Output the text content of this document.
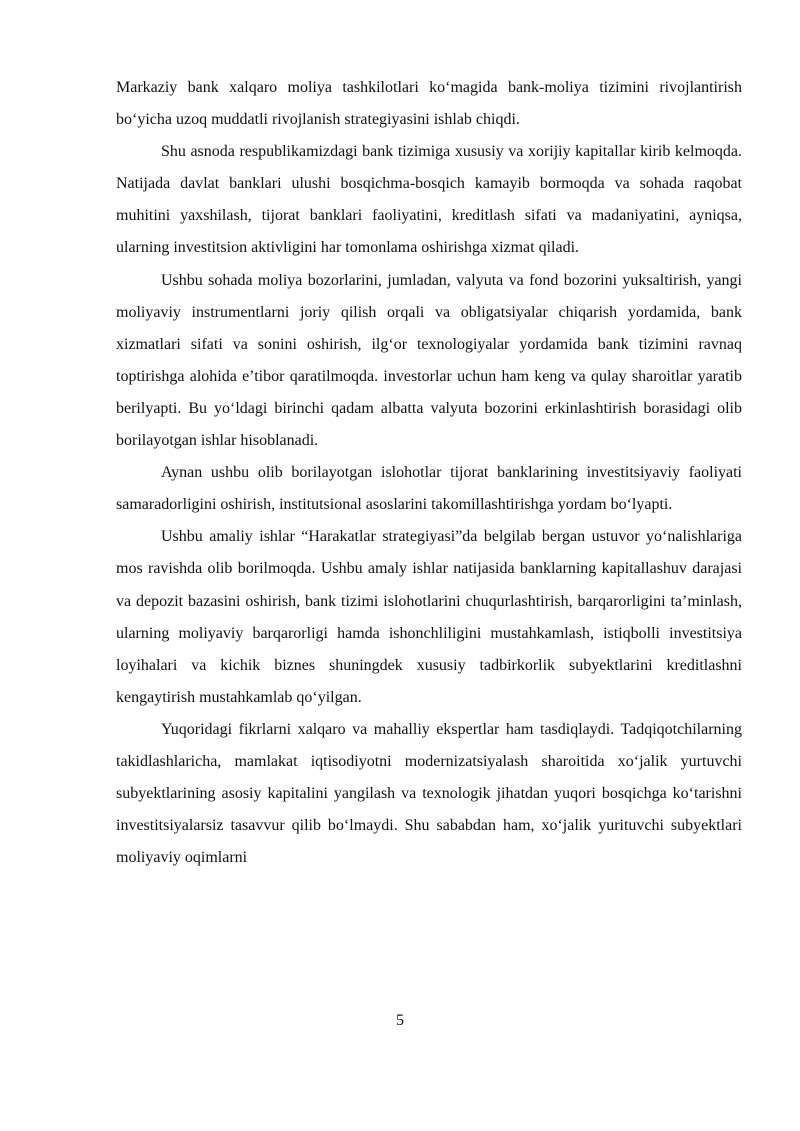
Markaziy bank xalqaro moliya tashkilotlari koʻmagida bank-moliya tizimini rivojlantirish boʻyicha uzoq muddatli rivojlanish strategiyasini ishlab chiqdi.

Shu asnoda respublikamizdagi bank tizimiga xususiy va xorijiy kapitallar kirib kelmoqda. Natijada davlat banklari ulushi bosqichma-bosqich kamayib bormoqda va sohada raqobat muhitini yaxshilash, tijorat banklari faoliyatini, kreditlash sifati va madaniyatini, ayniqsa, ularning investitsion aktivligini har tomonlama oshirishga xizmat qiladi.

Ushbu sohada moliya bozorlarini, jumladan, valyuta va fond bozorini yuksaltirish, yangi moliyaviy instrumentlarni joriy qilish orqali va obligatsiyalar chiqarish yordamida, bank xizmatlari sifati va sonini oshirish, ilgʻor texnologiyalar yordamida bank tizimini ravnaq toptirishga alohida e’tibor qaratilmoqda. investorlar uchun ham keng va qulay sharoitlar yaratib berilyapti. Bu yoʻldagi birinchi qadam albatta valyuta bozorini erkinlashtirish borasidagi olib borilayotgan ishlar hisoblanadi.

Aynan ushbu olib borilayotgan islohotlar tijorat banklarining investitsiyaviy faoliyati samaradorligini oshirish, institutsional asoslarini takomillashtirishga yordam boʻlyapti.

Ushbu amaliy ishlar “Harakatlar strategiyasi”da belgilab bergan ustuvor yoʻnalishlariga mos ravishda olib borilmoqda. Ushbu amaly ishlar natijasida banklarning kapitallashuv darajasi va depozit bazasini oshirish, bank tizimi islohotlarini chuqurlashtirish, barqarorligini ta’minlash, ularning moliyaviy barqarorligi hamda ishonchliligini mustahkamlash, istiqbolli investitsiya loyihalari va kichik biznes shuningdek xususiy tadbirkorlik subyektlarini kreditlashni kengaytirish mustahkamlab qoʻyilgan.

Yuqoridagi fikrlarni xalqaro va mahalliy ekspertlar ham tasdiqlaydi. Tadqiqotchilarning takidlashlaricha, mamlakat iqtisodiyotni modernizatsiyalash sharoitida xoʻjalik yurtuvchi subyektlarining asosiy kapitalini yangilash va texnologik jihatdan yuqori bosqichga koʻtarishni investitsiyalarsiz tasavvur qilib boʻlmaydi. Shu sababdan ham, xoʻjalik yurituvchi subyektlari moliyaviy oqimlarni

5
